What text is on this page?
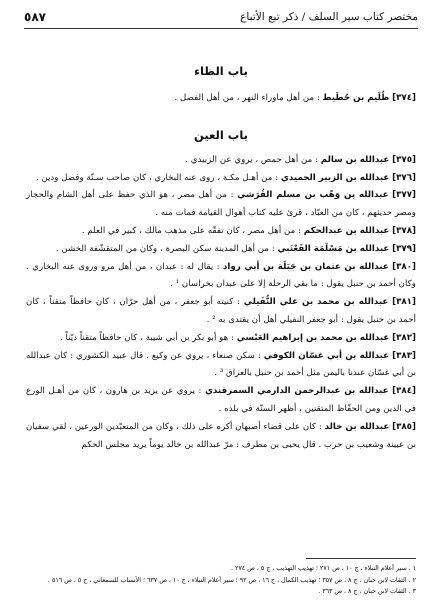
مختصر كتاب سير السلف / ذكر تبع الأتباع
٥٨٧
باب الظاء

[٣٧٤] ظُلَيم بن حُطَيط : من أهل ماوراء النهر ، من أهل الفضل .

باب العين

[٣٧٥] عبدالله بن سالم : من أهل حمص ، يروي عن الزبيدي .

[٣٧٦] عبدالله بن الزبير الحميدي : من أهـل مكـة ، روى عنه البخاري ، كان صاحب سـنّة وفضل ودين .

[٣٧٧] عبدالله بن وَهْب بن مسلم القُرَشي : من أهل مصر ، هو الذي حفظ على أهل الشام والحجاز ومصر حديثهم ، كان من العبّاد ، قرئ عليه كتاب أهوال القيامة فمات منه .

[٣٧٨] عبدالله بن عبدالحكم : من أهل مصر ، كان تفقّه على مذهب مالك ، كبير في العلم .

[٣٧٩] عبدالله بن مَسْلَمَة القَعْنَبي : من أهل المدينة سكن البصرة ، وكان من المتقشّفة الخشن .

[٣٨٠] عبدالله بن عثمان بن جَبَلَة بن أبي رواد : يقال له : عبدان ، من أهل مرو وروى عنه البخاري . وكان أحمد بن حنبل يقول : ما بقي الرحلة إلا على عبدان بخراسان ¹ .

[٣٨١] عبدالله بن محمد بن علي النُّفَيلي : كنيته أبو جعفر ، من أهل حرّان ، كان حافظاً متقناً ، كان أحمد بن حنبل يقول : أبو جعفر النفيلي أهل أن يقتدى به ² .

[٣٨٢] عبدالله بن محمد بن إبراهيم العَبْسي : هو أبو بكر بن أبي شيبة ، كان حافظاً متقناً ديّناً .

[٣٨٣] عبدالله بن أبي غسّان الكوفي : سكن صنعاء ، يروي عن وكيع . قال عبيد الكشوري : كان عبدالله بن أبي غسّان عندنا باليمن مثل أحمد بن حنبل بالعراق ³ .

[٣٨٤] عبدالله بن عبدالرحمن الدارمي السمرقندي : يروي عن يزيد بن هارون ، كان من أهـل الورع في الدين ومن الحفّاظ المتقنين ، أظهر السنّة في بلده .

[٣٨٥] عبدالله بن خالد : كان على قضاء أصبهان أكره على ذلك ، وكان من المتعبّدين الورعين ، لقي سفيان بن عيينة وشعيب بن حرب . قال يحيى بن مطرف : مرّ عبدالله بن خالد يوماً يريد مجلس الحكم

١ . سير أعلام النبلاء ، ج ١٠ ، ص ٢٧١ ؛ تهذيب التهذيب ، ج ٥ ، ص ٢٧٤ .
٢ . الثقات لابن حبان ، ج ٨ ، ص ٣٥٧ ؛ تهذيب الكمال ، ج ١٦ ، ص ٩٢ ؛ سير أعلام النبلاء ، ج ١٠ ، ص ٦٣٧ ؛ الأنساب للسمعاني ، ج ٥ ، ص ٥١٦ .
٣ . الثقات لابن حبان ، ج ٨ ، ص ٣٦٣ .
